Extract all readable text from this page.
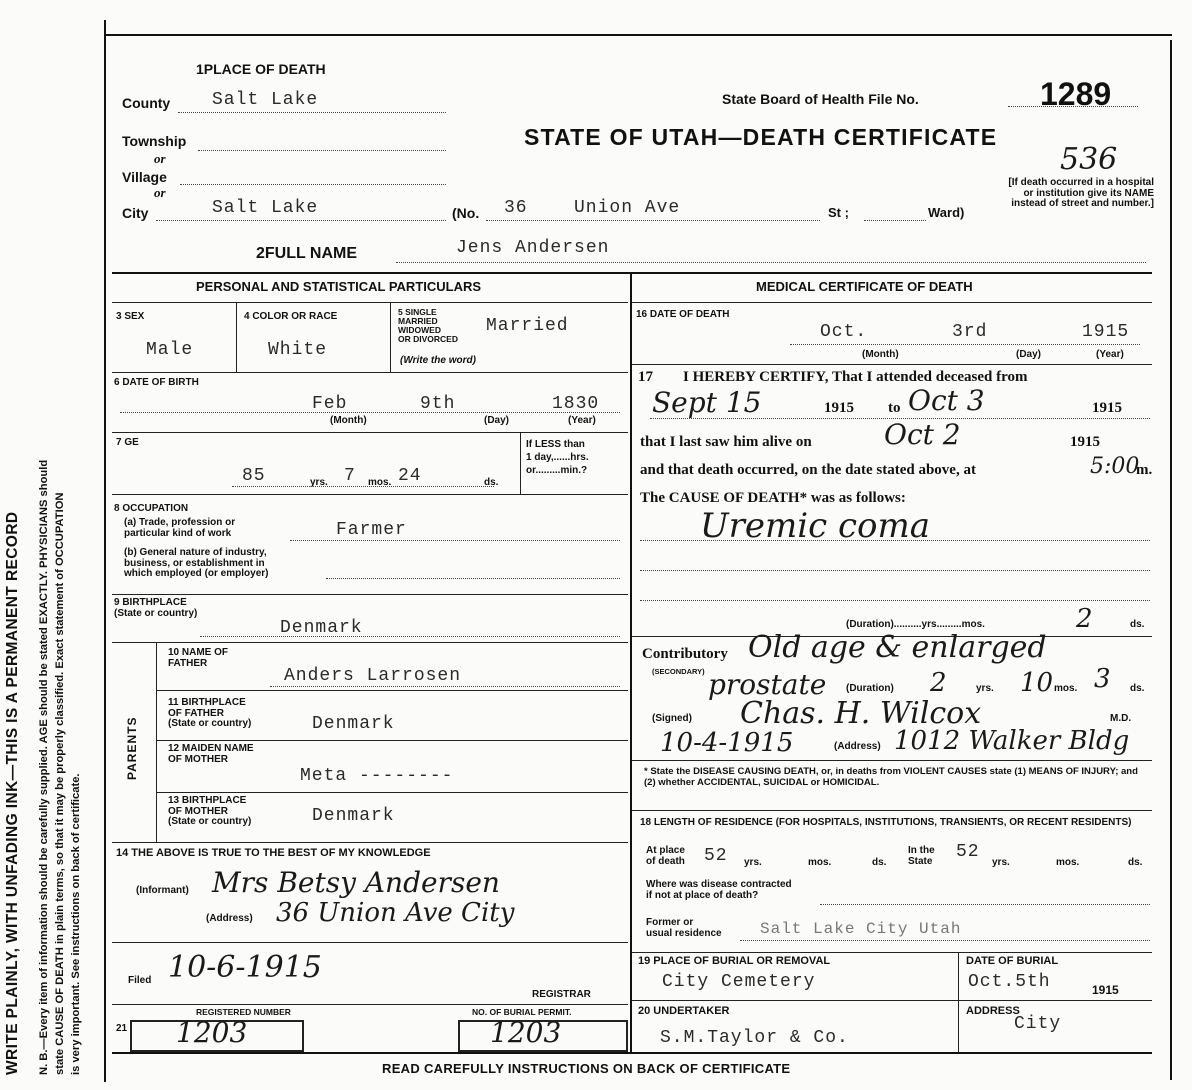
WRITE PLAINLY, WITH UNFADING INK—THIS IS A PERMANENT RECORD N. B.—Every item of information should be carefully supplied. AGE should be stated EXACTLY. PHYSICIANS should state CAUSE OF DEATH in plain terms, so that it may be properly classified. Exact statement of OCCUPATION is very important. See instructions on back of certificate.
1PLACE OF DEATH
County Salt Lake
Township
or
Village
or
City	Salt Lake	(No. 36	Union Ave	St ;	Ward)
State Board of Health File No.	1289
STATE OF UTAH—DEATH CERTIFICATE
536
[If death occurred in a hospital or institution give its NAME instead of street and number.]
2FULL NAME	Jens Andersen
PERSONAL AND STATISTICAL PARTICULARS
3 SEX
Male
4 COLOR OR RACE
White
5 SINGLE
MARRIED
WIDOWED
OR DIVORCED
(Write the word)
Married
6 DATE OF BIRTH
Feb	9th	1830
(Month)	(Day)	(Year)
7 GE
85	yrs. 7 mos. 24	ds.
If LESS than
1 day,......hrs.
or.........min.?
8 OCCUPATION
(a) Trade, profession or
particular kind of work	Farmer
(b) General nature of industry,
business, or establishment in
which employed (or employer)
9 BIRTHPLACE
(State or country)
Denmark
PARENTS
10 NAME OF
FATHER
Anders Larrosen
11 BIRTHPLACE
OF FATHER
(State or country)	Denmark
12 MAIDEN NAME
OF MOTHER
Meta --------
13 BIRTHPLACE
OF MOTHER
(State or country)	Denmark
14 THE ABOVE IS TRUE TO THE BEST OF MY KNOWLEDGE
(Informant) Mrs Betsy Andersen
(Address) 36 Union Ave City
Filed 10-6-1915
REGISTRAR
REGISTERED NUMBER	NO. OF BURIAL PERMIT.
21 1203	1203
MEDICAL CERTIFICATE OF DEATH
16 DATE OF DEATH
Oct.	3rd	1915
(Month)	(Day)	(Year)
17        I HEREBY CERTIFY, That I attended deceased from
Sept 15	1915 to Oct 3	1915
that I last saw him alive on	Oct 2	1915
and that death occurred, on the date stated above, at	5:00
m.
The CAUSE OF DEATH* was as follows:
Uremic coma
(Duration)..........yrs.........mos.	2	ds.
Contributory
(SECONDARY)
Old age & enlarged
prostate (Duration) 2	yrs. 10 mos. 3 ds.
(Signed) Chas. H. Wilcox	M.D.
10-4-1915	(Address) 1012 Walker Bldg
* State the DISEASE CAUSING DEATH, or, in deaths from VIOLENT CAUSES state (1) MEANS OF INJURY; and (2) whether ACCIDENTAL, SUICIDAL or HOMICIDAL.
18 LENGTH OF RESIDENCE (FOR HOSPITALS, INSTITUTIONS, TRANSIENTS, OR RECENT RESIDENTS)
At place
of death 52 yrs.	mos.	ds.
In the
State 52
yrs.	mos.	ds.
Where was disease contracted
if not at place of death?
Former or
usual residence Salt Lake City Utah
19 PLACE OF BURIAL OR REMOVAL
City Cemetery
DATE OF BURIAL
Oct.5th	1915
20 UNDERTAKER
S.M.Taylor & Co.
ADDRESS
City
READ CAREFULLY INSTRUCTIONS ON BACK OF CERTIFICATE
